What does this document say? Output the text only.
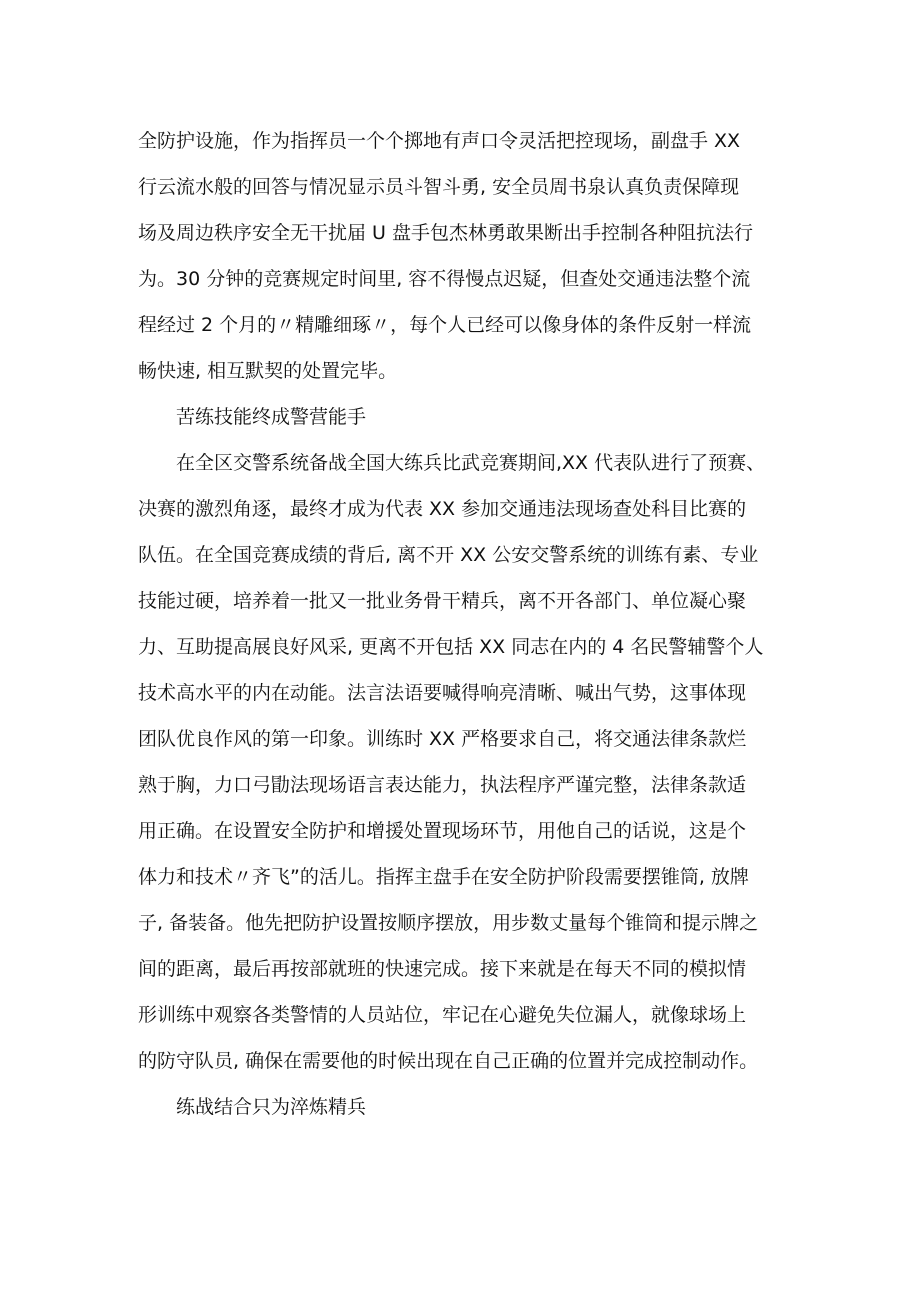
全防护设施，作为指挥员一个个掷地有声口令灵活把控现场，副盘手 XX
行云流水般的回答与情况显示员斗智斗勇, 安全员周书泉认真负责保障现
场及周边秩序安全无干扰届 U 盘手包杰林勇敢果断出手控制各种阻抗法行
为。30 分钟的竞赛规定时间里, 容不得慢点迟疑，但查处交通违法整个流
程经过 2 个月的〃精雕细琢〃，每个人已经可以像身体的条件反射一样流
畅快速, 相互默契的处置完毕。
苦练技能终成警营能手
在全区交警系统备战全国大练兵比武竞赛期间,XX 代表队进行了预赛、
决赛的激烈角逐，最终才成为代表 XX 参加交通违法现场查处科目比赛的
队伍。在全国竞赛成绩的背后, 离不开 XX 公安交警系统的训练有素、专业
技能过硬，培养着一批又一批业务骨干精兵，离不开各部门、单位凝心聚
力、互助提高展良好风采, 更离不开包括 XX 同志在内的 4 名民警辅警个人
技术高水平的内在动能。法言法语要喊得响亮清晰、喊出气势，这事体现
团队优良作风的第一印象。训练时 XX 严格要求自己，将交通法律条款烂
熟于胸，力口弓勖法现场语言表达能力，执法程序严谨完整，法律条款适
用正确。在设置安全防护和增援处置现场环节，用他自己的话说，这是个
体力和技术〃齐飞”的活儿。指挥主盘手在安全防护阶段需要摆锥筒, 放牌
子, 备装备。他先把防护设置按顺序摆放，用步数丈量每个锥筒和提示牌之
间的距离，最后再按部就班的快速完成。接下来就是在每天不同的模拟情
形训练中观察各类警情的人员站位，牢记在心避免失位漏人，就像球场上
的防守队员, 确保在需要他的时候出现在自己正确的位置并完成控制动作。
练战结合只为淬炼精兵
